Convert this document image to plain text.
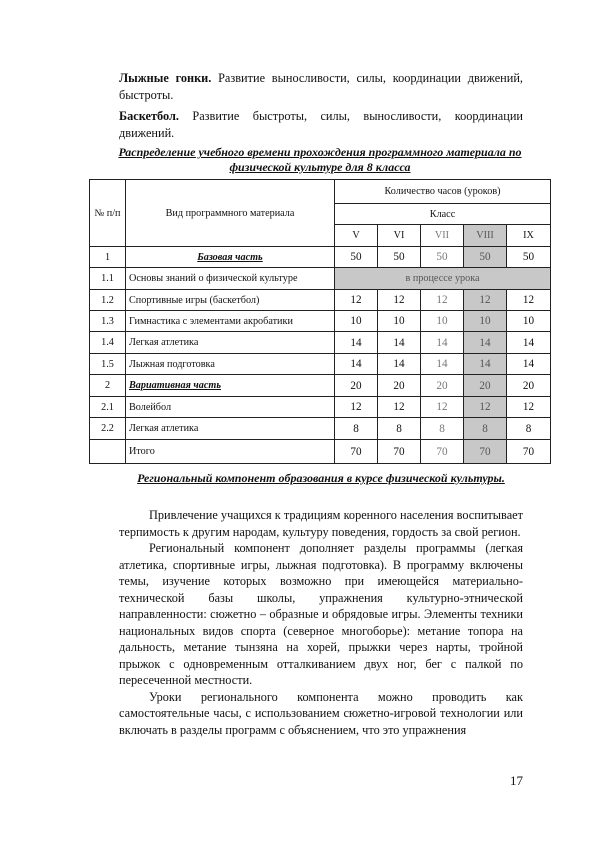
Лыжные гонки. Развитие выносливости, силы, координации движений, быстроты.

Баскетбол. Развитие быстроты, силы, выносливости, координации движений.

Распределение учебного времени прохождения программного материала по физической культуре для 8 класса
№ п/п	Вид программного материала	Количество часов (уроков)				
		Класс				
		V	VI	VII	VIII	IX
1	Базовая часть	50	50	50	50	50
1.1	Основы знаний о физической культуре	в процессе урока				
1.2	Спортивные игры (баскетбол)	12	12	12	12	12
1.3	Гимнастика с элементами акробатики	10	10	10	10	10
1.4	Легкая атлетика	14	14	14	14	14
1.5	Лыжная подготовка	14	14	14	14	14
2	Вариативная часть	20	20	20	20	20
2.1	Волейбол	12	12	12	12	12
2.2	Легкая атлетика	8	8	8	8	8
	Итого	70	70	70	70	70
Региональный компонент образования в курсе физической культуры.

Привлечение учащихся к традициям коренного населения воспитывает терпимость к другим народам, культуру поведения, гордость за свой регион.

Региональный компонент дополняет разделы программы (легкая атлетика, спортивные игры, лыжная подготовка). В программу включены темы, изучение которых возможно при имеющейся материально-технической базы школы, упражнения культурно-этнической направленности: сюжетно – образные и обрядовые игры. Элементы техники национальных видов спорта (северное многоборье): метание топора на дальность, метание тынзяна на хорей, прыжки через нарты, тройной прыжок с одновременным отталкиванием двух ног, бег с палкой по пересеченной местности.

Уроки регионального компонента можно проводить как самостоятельные часы, с использованием сюжетно-игровой технологии или включать в разделы программ с объяснением, что это упражнения

17
